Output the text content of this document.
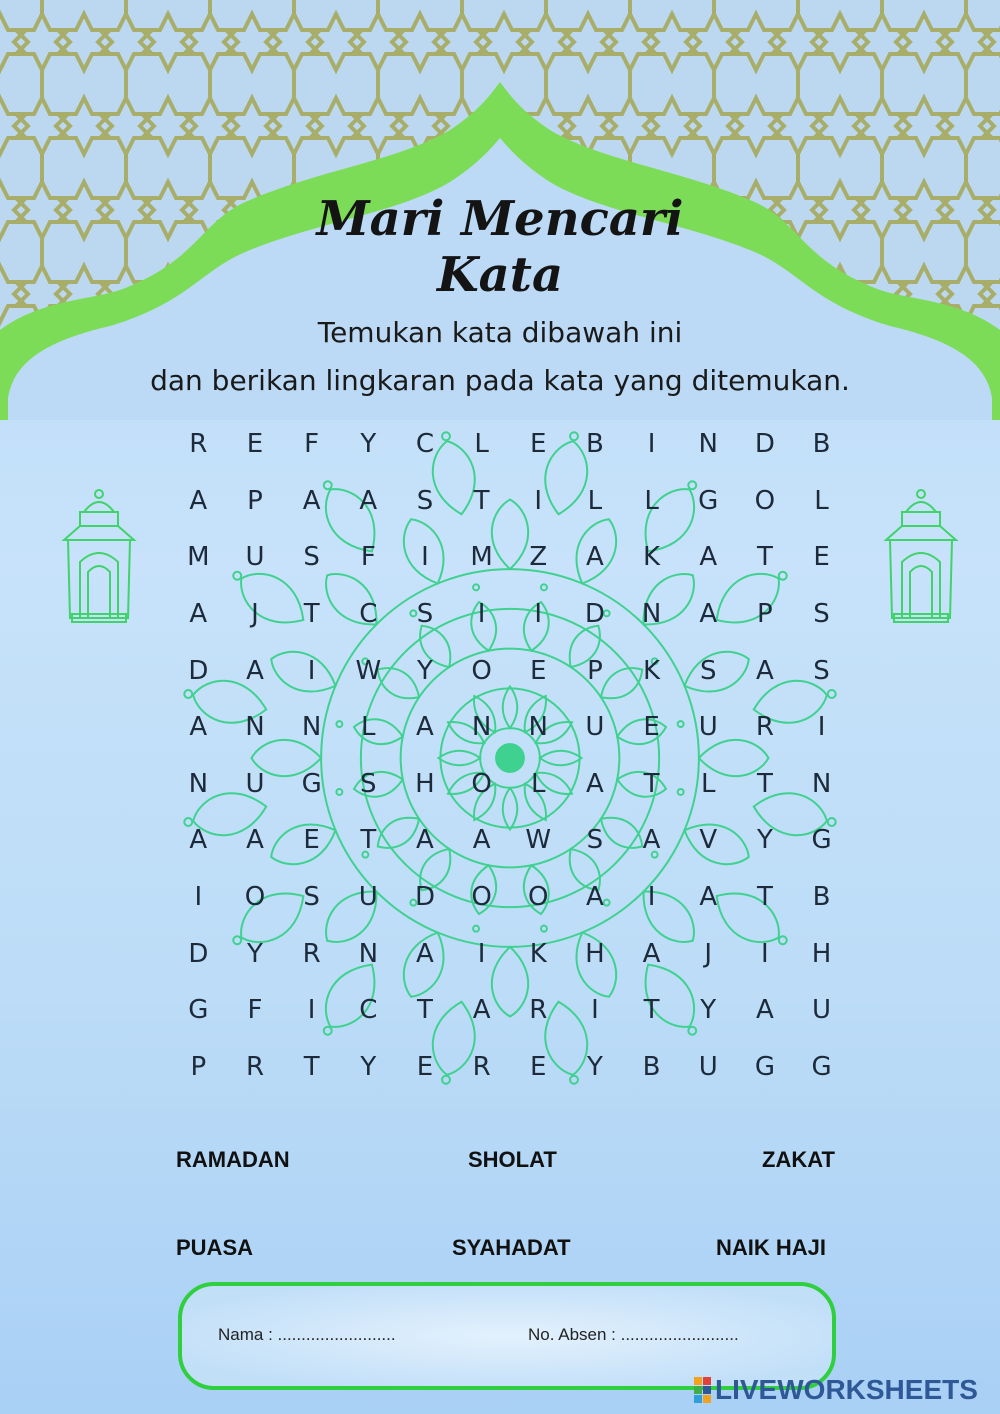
Mari Mencari
Kata
Temukan kata dibawah ini
dan berikan lingkaran pada kata yang ditemukan.
R	E	F	Y	C	L	E	B	I	N	D	B
A	P	A	A	S	T	I	L	L	G	O	L
M	U	S	F	I	M	Z	A	K	A	T	E
A	J	T	C	S	I	I	D	N	A	P	S
D	A	I	W	Y	O	E	P	K	S	A	S
A	N	N	L	A	N	N	U	E	U	R	I
N	U	G	S	H	O	L	A	T	L	T	N
A	A	E	T	A	A	W	S	A	V	Y	G
I	O	S	U	D	O	O	A	I	A	T	B
D	Y	R	N	A	I	K	H	A	J	I	H
G	F	I	C	T	A	R	I	T	Y	A	U
P	R	T	Y	E	R	E	Y	B	U	G	G
RAMADAN	SHOLAT	ZAKAT
PUASA	SYAHADAT	NAIK HAJI
Nama : .........................	No. Absen : .........................
LIVEWORKSHEETS
